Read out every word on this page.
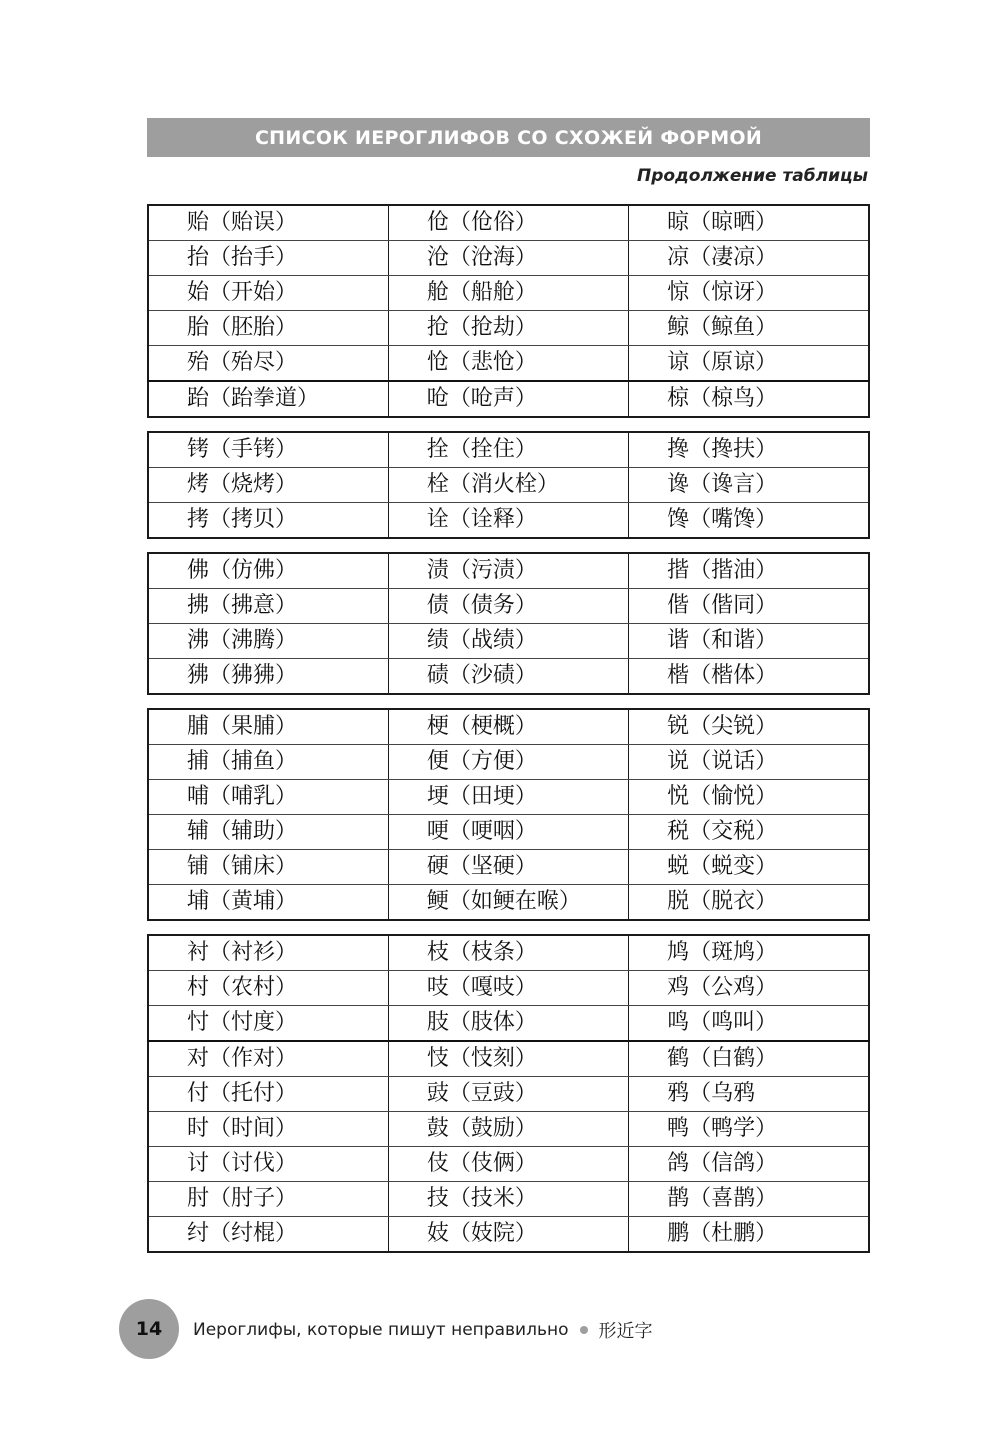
СПИСОК ИЕРОГЛИФОВ СО СХОЖЕЙ ФОРМОЙ
Продолжение таблицы
贻（贻误）	伧（伧俗）	晾（晾晒）
抬（抬手）	沧（沧海）	凉（凄凉）
始（开始）	舱（船舱）	惊（惊讶）
胎（胚胎）	抢（抢劫）	鲸（鲸鱼）
殆（殆尽）	怆（悲怆）	谅（原谅）
跆（跆拳道）	呛（呛声）	椋（椋鸟）
铐（手铐）	拴（拴住）	搀（搀扶）
烤（烧烤）	栓（消火栓）	谗（谗言）
拷（拷贝）	诠（诠释）	馋（嘴馋）
佛（仿佛）	渍（污渍）	揩（揩油）
拂（拂意）	债（债务）	偕（偕同）
沸（沸腾）	绩（战绩）	谐（和谐）
狒（狒狒）	碛（沙碛）	楷（楷体）
脯（果脯）	梗（梗概）	锐（尖锐）
捕（捕鱼）	便（方便）	说（说话）
哺（哺乳）	埂（田埂）	悦（愉悦）
辅（辅助）	哽（哽咽）	税（交税）
铺（铺床）	硬（坚硬）	蜕（蜕变）
埔（黄埔）	鲠（如鲠在喉）	脱（脱衣）
衬（衬衫）	枝（枝条）	鸠（斑鸠）
村（农村）	吱（嘎吱）	鸡（公鸡）
忖（忖度）	肢（肢体）	鸣（鸣叫）
对（作对）	忮（忮刻）	鹤（白鹤）
付（托付）	豉（豆豉）	鸦（乌鸦
时（时间）	鼓（鼓励）	鸭（鸭学）
讨（讨伐）	伎（伎俩）	鸽（信鸽）
肘（肘子）	技（技米）	鹊（喜鹊）
纣（纣棍）	妓（妓院）	鹏（杜鹏）
14 Иероглифы, которые пишут неправильно 形近字
